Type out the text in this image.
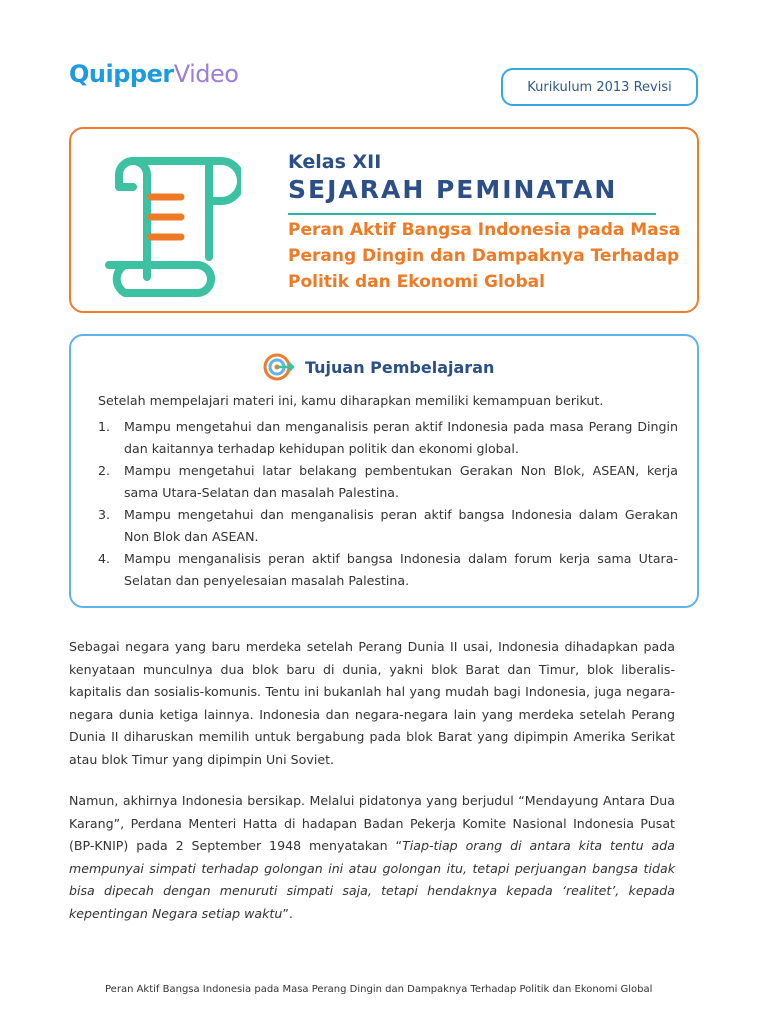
Quipper Video	Kurikulum 2013 Revisi
Kelas XII
SEJARAH PEMINATAN
Peran Aktif Bangsa Indonesia pada Masa Perang Dingin dan Dampaknya Terhadap Politik dan Ekonomi Global
Tujuan Pembelajaran
Setelah mempelajari materi ini, kamu diharapkan memiliki kemampuan berikut.
1.	Mampu mengetahui dan menganalisis peran aktif Indonesia pada masa Perang Dingin dan kaitannya terhadap kehidupan politik dan ekonomi global.
2.	Mampu mengetahui latar belakang pembentukan Gerakan Non Blok, ASEAN, kerja sama Utara-Selatan dan masalah Palestina.
3.	Mampu mengetahui dan menganalisis peran aktif bangsa Indonesia dalam Gerakan Non Blok dan ASEAN.
4.	Mampu menganalisis peran aktif bangsa Indonesia dalam forum kerja sama Utara-Selatan dan penyelesaian masalah Palestina.

Sebagai negara yang baru merdeka setelah Perang Dunia II usai, Indonesia dihadapkan pada kenyataan munculnya dua blok baru di dunia, yakni blok Barat dan Timur, blok liberalis-kapitalis dan sosialis-komunis. Tentu ini bukanlah hal yang mudah bagi Indonesia, juga negara-negara dunia ketiga lainnya. Indonesia dan negara-negara lain yang merdeka setelah Perang Dunia II diharuskan memilih untuk bergabung pada blok Barat yang dipimpin Amerika Serikat atau blok Timur yang dipimpin Uni Soviet.

Namun, akhirnya Indonesia bersikap. Melalui pidatonya yang berjudul “Mendayung Antara Dua Karang”, Perdana Menteri Hatta di hadapan Badan Pekerja Komite Nasional Indonesia Pusat (BP-KNIP) pada 2 September 1948 menyatakan “Tiap-tiap orang di antara kita tentu ada mempunyai simpati terhadap golongan ini atau golongan itu, tetapi perjuangan bangsa tidak bisa dipecah dengan menuruti simpati saja, tetapi hendaknya kepada ‘realitet’, kepada kepentingan Negara setiap waktu”.

Peran Aktif Bangsa Indonesia pada Masa Perang Dingin dan Dampaknya Terhadap Politik dan Ekonomi Global
